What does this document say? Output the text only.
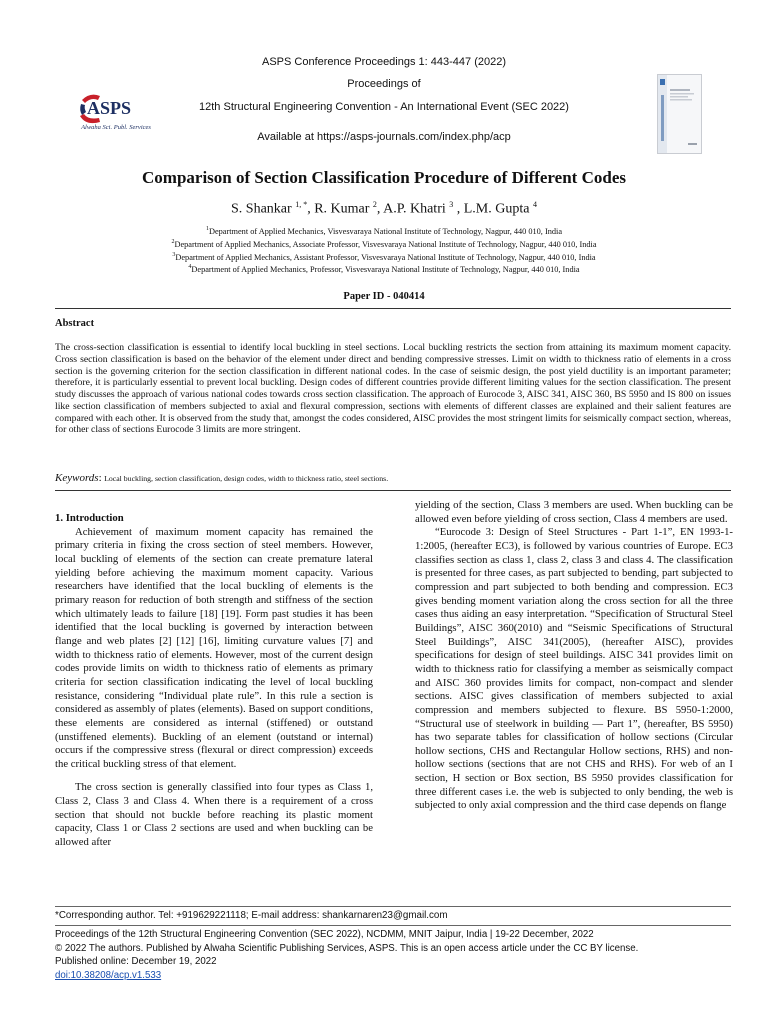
ASPS Conference Proceedings 1: 443-447 (2022)
Proceedings of
12th Structural Engineering Convention - An International Event (SEC 2022)
Available at https://asps-journals.com/index.php/acp
ASPS
Alwaha Sci. Publ. Services
Comparison of Section Classification Procedure of Different Codes
S. Shankar $^{1, *}$, R. Kumar $^2$, A.P. Khatri $^3$ , L.M. Gupta $^4$
$^1$Department of Applied Mechanics, Visvesvaraya National Institute of Technology, Nagpur, 440 010, India
$^2$Department of Applied Mechanics, Associate Professor, Visvesvaraya National Institute of Technology, Nagpur, 440 010, India
$^3$Department of Applied Mechanics, Assistant Professor, Visvesvaraya National Institute of Technology, Nagpur, 440 010, India
$^4$Department of Applied Mechanics, Professor, Visvesvaraya National Institute of Technology, Nagpur, 440 010, India
Paper ID - 040414
Abstract
The cross-section classification is essential to identify local buckling in steel sections. Local buckling restricts the section from attaining its maximum moment capacity. Cross section classification is based on the behavior of the element under direct and bending compressive stresses. Limit on width to thickness ratio of elements in a cross section is the governing criterion for the section classification in different national codes. In the case of seismic design, the post yield ductility is an important parameter; therefore, it is particularly essential to prevent local buckling. Design codes of different countries provide different limiting values for the section classification. The present study discusses the approach of various national codes towards cross section classification. The approach of Eurocode 3, AISC 341, AISC 360, BS 5950 and IS 800 on issues like section classification of members subjected to axial and flexural compression, sections with elements of different classes are explained and their salient features are compared with each other. It is observed from the study that, amongst the codes considered, AISC provides the most stringent limits for seismically compact section, whereas, for other class of sections Eurocode 3 limits are more stringent.
Keywords: Local buckling, section classification, design codes, width to thickness ratio, steel sections.
1. Introduction

Achievement of maximum moment capacity has remained the primary criteria in fixing the cross section of steel members. However, local buckling of elements of the section can create premature lateral yielding before achieving the maximum moment capacity. Various researchers have identified that the local buckling of elements is the primary reason for reduction of both strength and stiffness of the section which ultimately leads to failure [18] [19]. Form past studies it has been identified that the local buckling is governed by interaction between flange and web plates [2] [12] [16], limiting curvature values [7] and width to thickness ratio of elements. However, most of the current design codes provide limits on width to thickness ratio of elements as primary criteria for section classification indicating the level of local buckling resistance, considering “Individual plate rule”. In this rule a section is considered as assembly of plates (elements). Based on support conditions, these elements are considered as internal (stiffened) or outstand (unstiffened elements). Buckling of an element (outstand or internal) occurs if the compressive stress (flexural or direct compression) exceeds the critical buckling stress of that element.

The cross section is generally classified into four types as Class 1, Class 2, Class 3 and Class 4. When there is a requirement of a cross section that should not buckle before reaching its plastic moment capacity, Class 1 or Class 2 sections are used and when buckling can be allowed after

yielding of the section, Class 3 members are used. When buckling can be allowed even before yielding of cross section, Class 4 members are used.

“Eurocode 3: Design of Steel Structures - Part 1-1”, EN 1993-1-1:2005, (hereafter EC3), is followed by various countries of Europe. EC3 classifies section as class 1, class 2, class 3 and class 4. The classification is presented for three cases, as part subjected to bending, part subjected to compression and part subjected to both bending and compression. EC3 gives bending moment variation along the cross section for all the three cases thus aiding an easy interpretation. “Specification of Structural Steel Buildings”, AISC 360(2010) and “Seismic Specifications of Structural Steel Buildings”, AISC 341(2005), (hereafter AISC), provides specifications for design of steel buildings. AISC 341 provides limit on width to thickness ratio for classifying a member as seismically compact and AISC 360 provides limits for compact, non-compact and slender sections. AISC gives classification of members subjected to axial compression and members subjected to flexure. BS 5950-1:2000, “Structural use of steelwork in building — Part 1”, (hereafter, BS 5950) has two separate tables for classification of hollow sections (Circular hollow sections, CHS and Rectangular Hollow sections, RHS) and non-hollow sections (sections that are not CHS and RHS). For web of an I section, H section or Box section, BS 5950 provides classification for three different cases i.e. the web is subjected to only bending, the web is subjected to only axial compression and the third case depends on flange

*Corresponding author. Tel: +919629221118; E-mail address: shankarnaren23@gmail.com
Proceedings of the 12th Structural Engineering Convention (SEC 2022), NCDMM, MNIT Jaipur, India | 19-22 December, 2022
© 2022 The authors. Published by Alwaha Scientific Publishing Services, ASPS. This is an open access article under the CC BY license.
Published online: December 19, 2022
doi:10.38208/acp.v1.533
